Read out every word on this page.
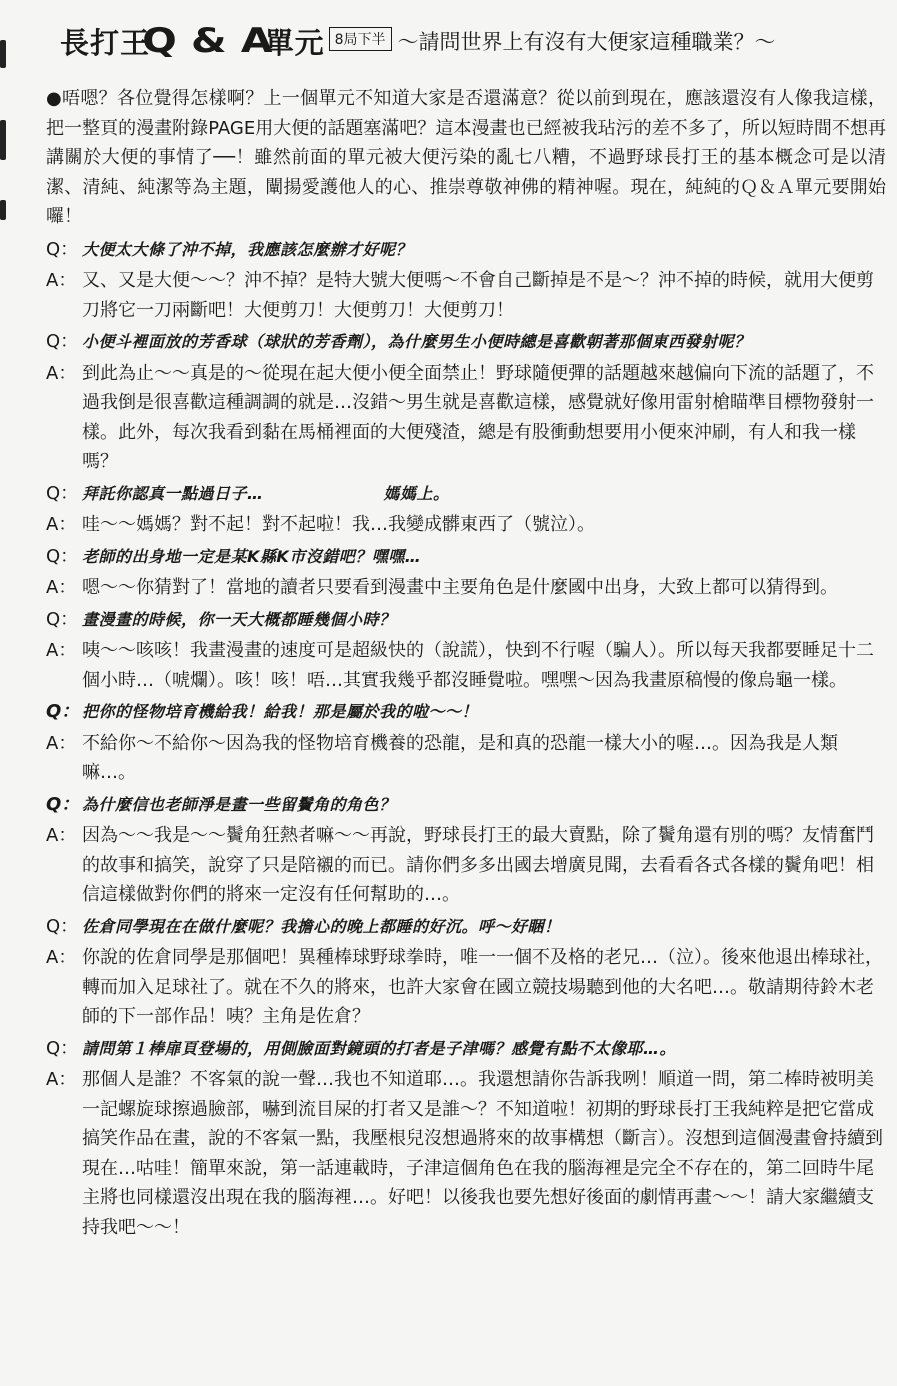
長打王
Q & A
單元 8局下半 ～請問世界上有沒有大便家這種職業？～

●唔嗯？各位覺得怎樣啊？上一個單元不知道大家是否還滿意？從以前到現在，應該還沒有人像我這樣，把一整頁的漫畫附錄PAGE用大便的話題塞滿吧？這本漫畫也已經被我玷污的差不多了，所以短時間不想再講關於大便的事情了──！雖然前面的單元被大便污染的亂七八糟，不過野球長打王的基本概念可是以清潔、清純、純潔等為主題，闡揚愛護他人的心、推崇尊敬神佛的精神喔。現在，純純的Ｑ＆Ａ單元要開始囉！

Q： 大便太大條了沖不掉，我應該怎麼辦才好呢？
A： 又、又是大便～～？沖不掉？是特大號大便嗎～不會自己斷掉是不是～？沖不掉的時候，就用大便剪刀將它一刀兩斷吧！大便剪刀！大便剪刀！大便剪刀！
Q： 小便斗裡面放的芳香球（球狀的芳香劑），為什麼男生小便時總是喜歡朝著那個東西發射呢？
A： 到此為止～～真是的～從現在起大便小便全面禁止！野球隨便彈的話題越來越偏向下流的話題了，不過我倒是很喜歡這種調調的就是…沒錯～男生就是喜歡這樣，感覺就好像用雷射槍瞄準目標物發射一樣。此外，每次我看到黏在馬桶裡面的大便殘渣，總是有股衝動想要用小便來沖刷，有人和我一樣嗎？
Q： 拜託你認真一點過日子…	媽媽上。
A： 哇～～媽媽？對不起！對不起啦！我…我變成髒東西了（號泣）。
Q： 老師的出身地一定是某K縣K市沒錯吧？嘿嘿…
A： 嗯～～你猜對了！當地的讀者只要看到漫畫中主要角色是什麼國中出身，大致上都可以猜得到。
Q： 畫漫畫的時候，你一天大概都睡幾個小時？
A： 咦～～咳咳！我畫漫畫的速度可是超級快的（說謊），快到不行喔（騙人）。所以每天我都要睡足十二個小時…（唬爛）。咳！咳！唔…其實我幾乎都沒睡覺啦。嘿嘿～因為我畫原稿慢的像烏龜一樣。
Q： 把你的怪物培育機給我！給我！那是屬於我的啦～～！
A： 不給你～不給你～因為我的怪物培育機養的恐龍，是和真的恐龍一樣大小的喔…。因為我是人類嘛…。
Q： 為什麼信也老師淨是畫一些留鬢角的角色？
A： 因為～～我是～～鬢角狂熱者嘛～～再說，野球長打王的最大賣點，除了鬢角還有別的嗎？友情奮鬥的故事和搞笑，說穿了只是陪襯的而已。請你們多多出國去增廣見聞，去看看各式各樣的鬢角吧！相信這樣做對你們的將來一定沒有任何幫助的…。
Q： 佐倉同學現在在做什麼呢？我擔心的晚上都睡的好沉。呼～好睏！
A： 你說的佐倉同學是那個吧！異種棒球野球拳時，唯一一個不及格的老兄…（泣）。後來他退出棒球社，轉而加入足球社了。就在不久的將來，也許大家會在國立競技場聽到他的大名吧…。敬請期待鈴木老師的下一部作品！咦？主角是佐倉？
Q： 請問第１棒扉頁登場的，用側臉面對鏡頭的打者是子津嗎？感覺有點不太像耶…。
A： 那個人是誰？不客氣的說一聲…我也不知道耶…。我還想請你告訴我咧！順道一問，第二棒時被明美一記螺旋球擦過臉部，嚇到流目屎的打者又是誰～？不知道啦！初期的野球長打王我純粹是把它當成搞笑作品在畫，說的不客氣一點，我壓根兒沒想過將來的故事構想（斷言）。沒想到這個漫畫會持續到現在…咕哇！簡單來說，第一話連載時，子津這個角色在我的腦海裡是完全不存在的，第二回時牛尾主將也同樣還沒出現在我的腦海裡…。好吧！以後我也要先想好後面的劇情再畫～～！請大家繼續支持我吧～～！
